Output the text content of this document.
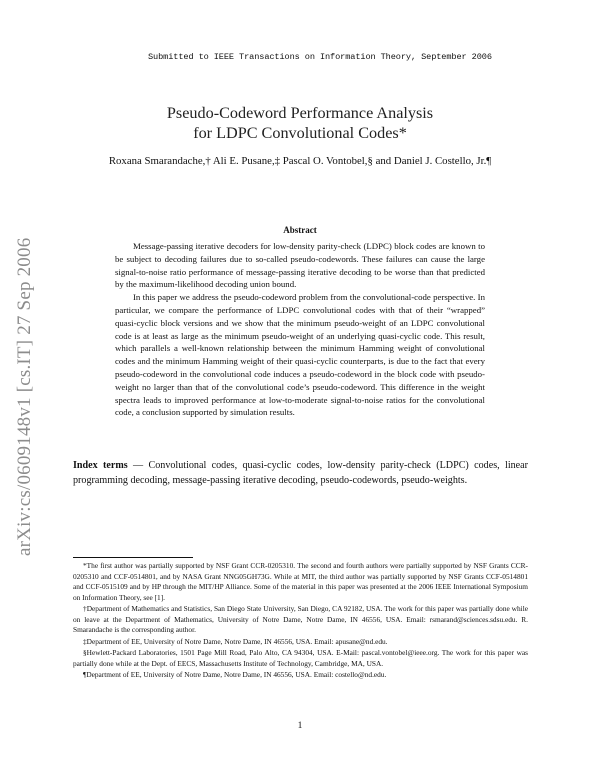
Submitted to IEEE Transactions on Information Theory, September 2006
arXiv:cs/0609148v1 [cs.IT] 27 Sep 2006
Pseudo-Codeword Performance Analysis
for LDPC Convolutional Codes*
Roxana Smarandache,† Ali E. Pusane,‡ Pascal O. Vontobel,§ and Daniel J. Costello, Jr.¶
Abstract

Message-passing iterative decoders for low-density parity-check (LDPC) block codes are known to be subject to decoding failures due to so-called pseudo-codewords. These failures can cause the large signal-to-noise ratio performance of message-passing iterative decoding to be worse than that predicted by the maximum-likelihood decoding union bound.

In this paper we address the pseudo-codeword problem from the convolutional-code perspective. In particular, we compare the performance of LDPC convolutional codes with that of their “wrapped” quasi-cyclic block versions and we show that the minimum pseudo-weight of an LDPC convolutional code is at least as large as the minimum pseudo-weight of an underlying quasi-cyclic code. This result, which parallels a well-known relationship between the minimum Hamming weight of convolutional codes and the minimum Hamming weight of their quasi-cyclic counterparts, is due to the fact that every pseudo-codeword in the convolutional code induces a pseudo-codeword in the block code with pseudo-weight no larger than that of the convolutional code’s pseudo-codeword. This difference in the weight spectra leads to improved performance at low-to-moderate signal-to-noise ratios for the convolutional code, a conclusion supported by simulation results.

Index terms — Convolutional codes, quasi-cyclic codes, low-density parity-check (LDPC) codes, linear programming decoding, message-passing iterative decoding, pseudo-codewords, pseudo-weights.

*The first author was partially supported by NSF Grant CCR-0205310. The second and fourth authors were partially supported by NSF Grants CCR-0205310 and CCF-0514801, and by NASA Grant NNG05GH73G. While at MIT, the third author was partially supported by NSF Grants CCF-0514801 and CCF-0515109 and by HP through the MIT/HP Alliance. Some of the material in this paper was presented at the 2006 IEEE International Symposium on Information Theory, see [1].

†Department of Mathematics and Statistics, San Diego State University, San Diego, CA 92182, USA. The work for this paper was partially done while on leave at the Department of Mathematics, University of Notre Dame, Notre Dame, IN 46556, USA. Email: rsmarand@sciences.sdsu.edu. R. Smarandache is the corresponding author.

‡Department of EE, University of Notre Dame, Notre Dame, IN 46556, USA. Email: apusane@nd.edu.

§Hewlett-Packard Laboratories, 1501 Page Mill Road, Palo Alto, CA 94304, USA. E-Mail: pascal.vontobel@ieee.org. The work for this paper was partially done while at the Dept. of EECS, Massachusetts Institute of Technology, Cambridge, MA, USA.

¶Department of EE, University of Notre Dame, Notre Dame, IN 46556, USA. Email: costello@nd.edu.

1
